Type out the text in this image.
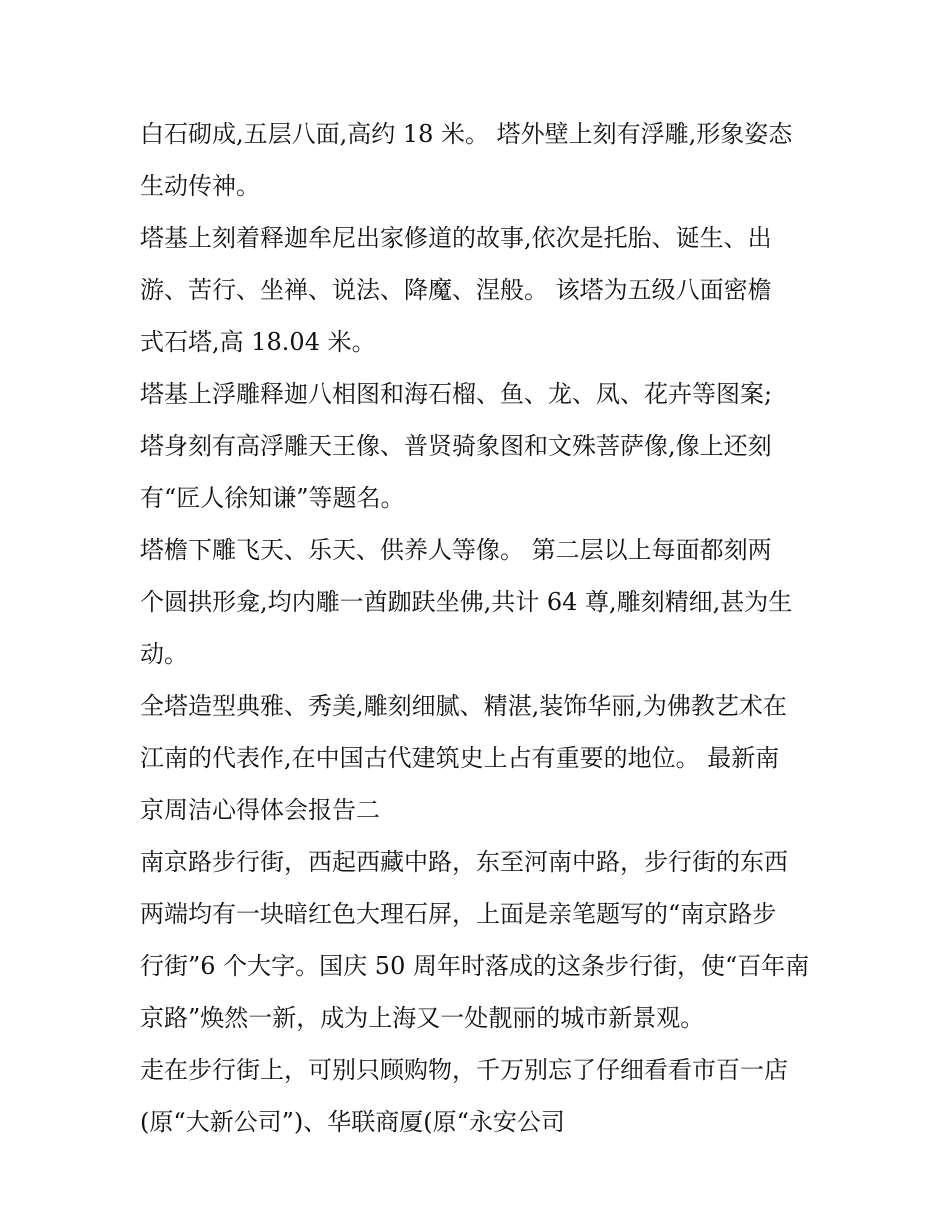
白石砌成,五层八面,高约 18 米。 塔外壁上刻有浮雕,形象姿态
生动传神。
塔基上刻着释迦牟尼出家修道的故事,依次是托胎、诞生、出
游、苦行、坐禅、说法、降魔、涅般。 该塔为五级八面密檐
式石塔,高 18.04 米。
塔基上浮雕释迦八相图和海石榴、鱼、龙、凤、花卉等图案;
塔身刻有高浮雕天王像、普贤骑象图和文殊菩萨像,像上还刻
有“匠人徐知谦”等题名。
塔檐下雕飞天、乐天、供养人等像。 第二层以上每面都刻两
个圆拱形龛,均内雕一酋跏趺坐佛,共计 64 尊,雕刻精细,甚为生
动。
全塔造型典雅、秀美,雕刻细腻、精湛,装饰华丽,为佛教艺术在
江南的代表作,在中国古代建筑史上占有重要的地位。 最新南
京周洁心得体会报告二
南京路步行街，西起西藏中路，东至河南中路，步行街的东西
两端均有一块暗红色大理石屏，上面是亲笔题写的“南京路步
行街”6 个大字。国庆 50 周年时落成的这条步行街，使“百年南
京路”焕然一新，成为上海又一处靓丽的城市新景观。
走在步行街上，可别只顾购物，千万别忘了仔细看看市百一店
(原“大新公司”)、华联商厦(原“永安公司
